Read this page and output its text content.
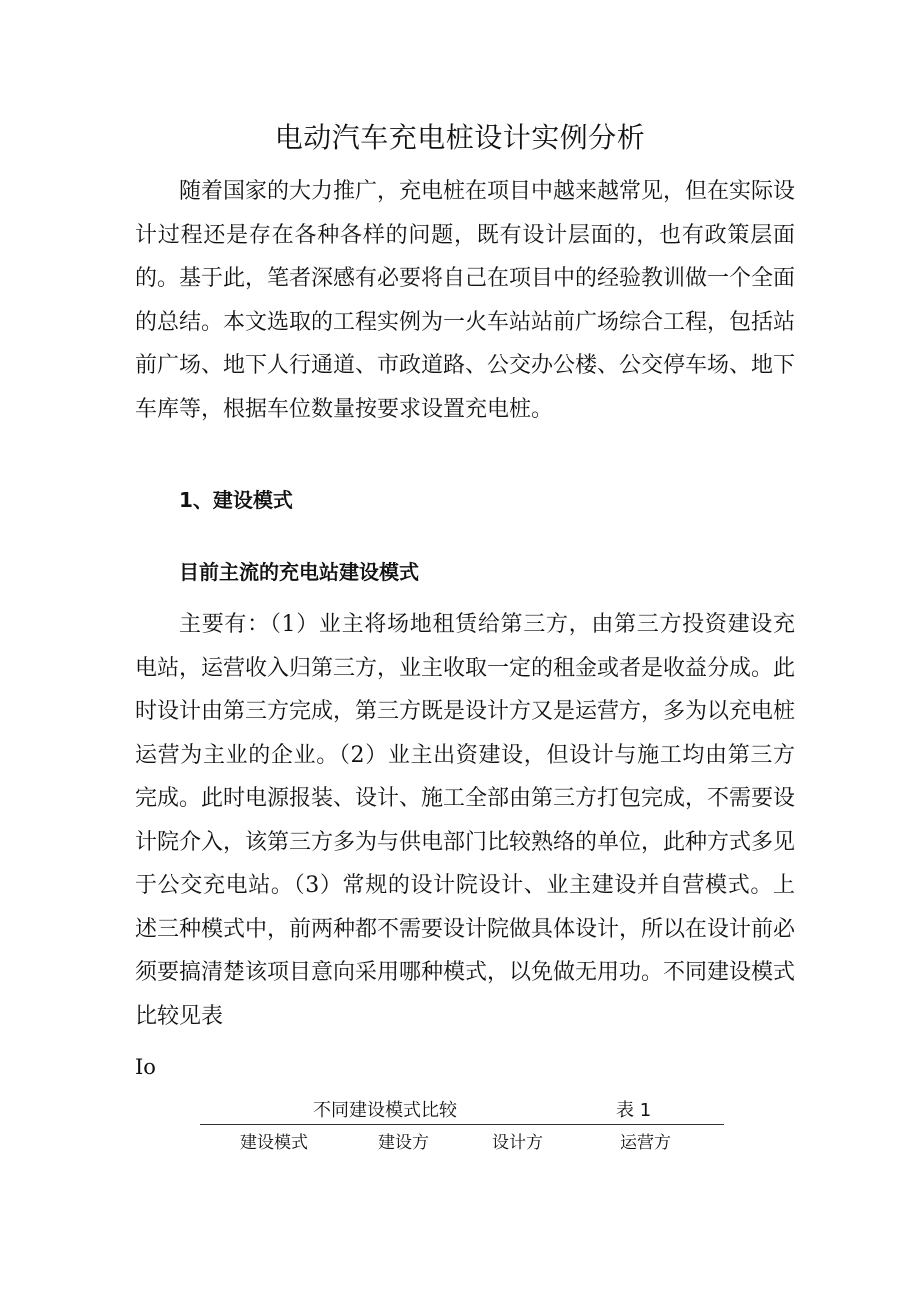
电动汽车充电桩设计实例分析

随着国家的大力推广，充电桩在项目中越来越常见，但在实际设计过程还是存在各种各样的问题，既有设计层面的，也有政策层面的。基于此，笔者深感有必要将自己在项目中的经验教训做一个全面的总结。本文选取的工程实例为一火车站站前广场综合工程，包括站前广场、地下人行通道、市政道路、公交办公楼、公交停车场、地下车库等，根据车位数量按要求设置充电桩。

1、建设模式
目前主流的充电站建设模式

主要有：（1）业主将场地租赁给第三方，由第三方投资建设充电站，运营收入归第三方，业主收取一定的租金或者是收益分成。此时设计由第三方完成，第三方既是设计方又是运营方，多为以充电桩运营为主业的企业。（2）业主出资建设，但设计与施工均由第三方完成。此时电源报装、设计、施工全部由第三方打包完成，不需要设计院介入，该第三方多为与供电部门比较熟络的单位，此种方式多见于公交充电站。（3）常规的设计院设计、业主建设并自营模式。上述三种模式中，前两种都不需要设计院做具体设计，所以在设计前必须要搞清楚该项目意向采用哪种模式，以免做无用功。不同建设模式比较见表

Io
不同建设模式比较	表 1
建设模式	建设方	设计方	运营方
